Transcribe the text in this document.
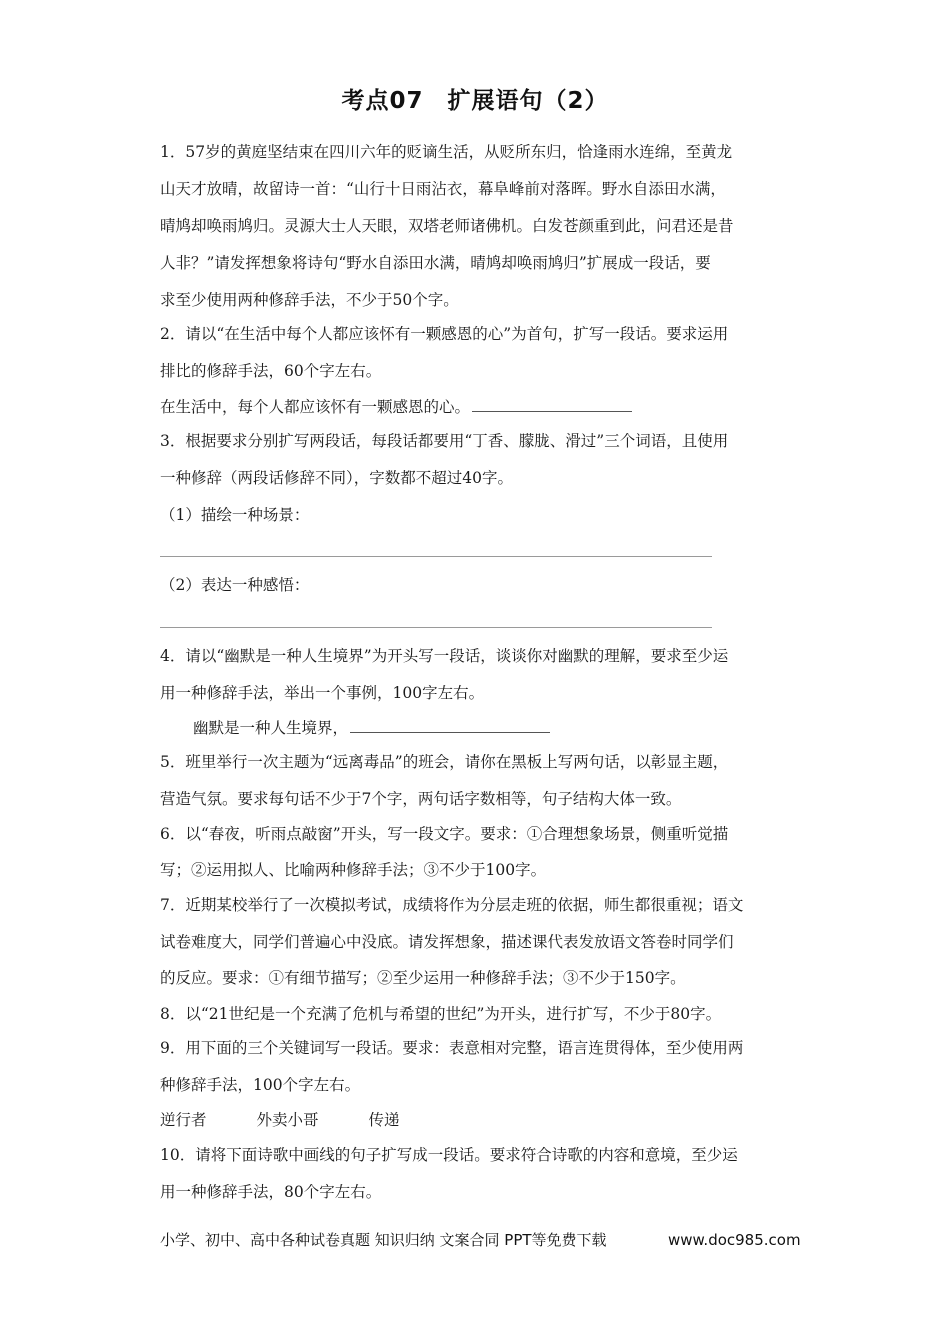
考点07　扩展语句（2）
1．57岁的黄庭坚结束在四川六年的贬谪生活，从贬所东归，恰逢雨水连绵，至黄龙
山天才放晴，故留诗一首：“山行十日雨沾衣，幕阜峰前对落晖。野水自添田水满，
晴鸠却唤雨鸠归。灵源大士人天眼，双塔老师诸佛机。白发苍颜重到此，问君还是昔
人非？”请发挥想象将诗句“野水自添田水满，晴鸠却唤雨鸠归”扩展成一段话，要
求至少使用两种修辞手法，不少于50个字。
2．请以“在生活中每个人都应该怀有一颗感恩的心”为首句，扩写一段话。要求运用
排比的修辞手法，60个字左右。
在生活中，每个人都应该怀有一颗感恩的心。
3．根据要求分别扩写两段话，每段话都要用“丁香、朦胧、滑过”三个词语，且使用
一种修辞（两段话修辞不同），字数都不超过40字。
（1）描绘一种场景：
（2）表达一种感悟：
4．请以“幽默是一种人生境界”为开头写一段话，谈谈你对幽默的理解，要求至少运
用一种修辞手法，举出一个事例，100字左右。
幽默是一种人生境界，
5．班里举行一次主题为“远离毒品”的班会，请你在黑板上写两句话，以彰显主题，
营造气氛。要求每句话不少于7个字，两句话字数相等，句子结构大体一致。
6．以“春夜，听雨点敲窗”开头，写一段文字。要求：①合理想象场景，侧重听觉描
写；②运用拟人、比喻两种修辞手法；③不少于100字。
7．近期某校举行了一次模拟考试，成绩将作为分层走班的依据，师生都很重视；语文
试卷难度大，同学们普遍心中没底。请发挥想象，描述课代表发放语文答卷时同学们
的反应。要求：①有细节描写；②至少运用一种修辞手法；③不少于150字。
8．以“21世纪是一个充满了危机与希望的世纪”为开头，进行扩写，不少于80字。
9．用下面的三个关键词写一段话。要求：表意相对完整，语言连贯得体，至少使用两
种修辞手法，100个字左右。
逆行者	外卖小哥	传递
10．请将下面诗歌中画线的句子扩写成一段话。要求符合诗歌的内容和意境，至少运
用一种修辞手法，80个字左右。
小学、初中、高中各种试卷真题 知识归纳 文案合同 PPT等免费下载	www.doc985.com
